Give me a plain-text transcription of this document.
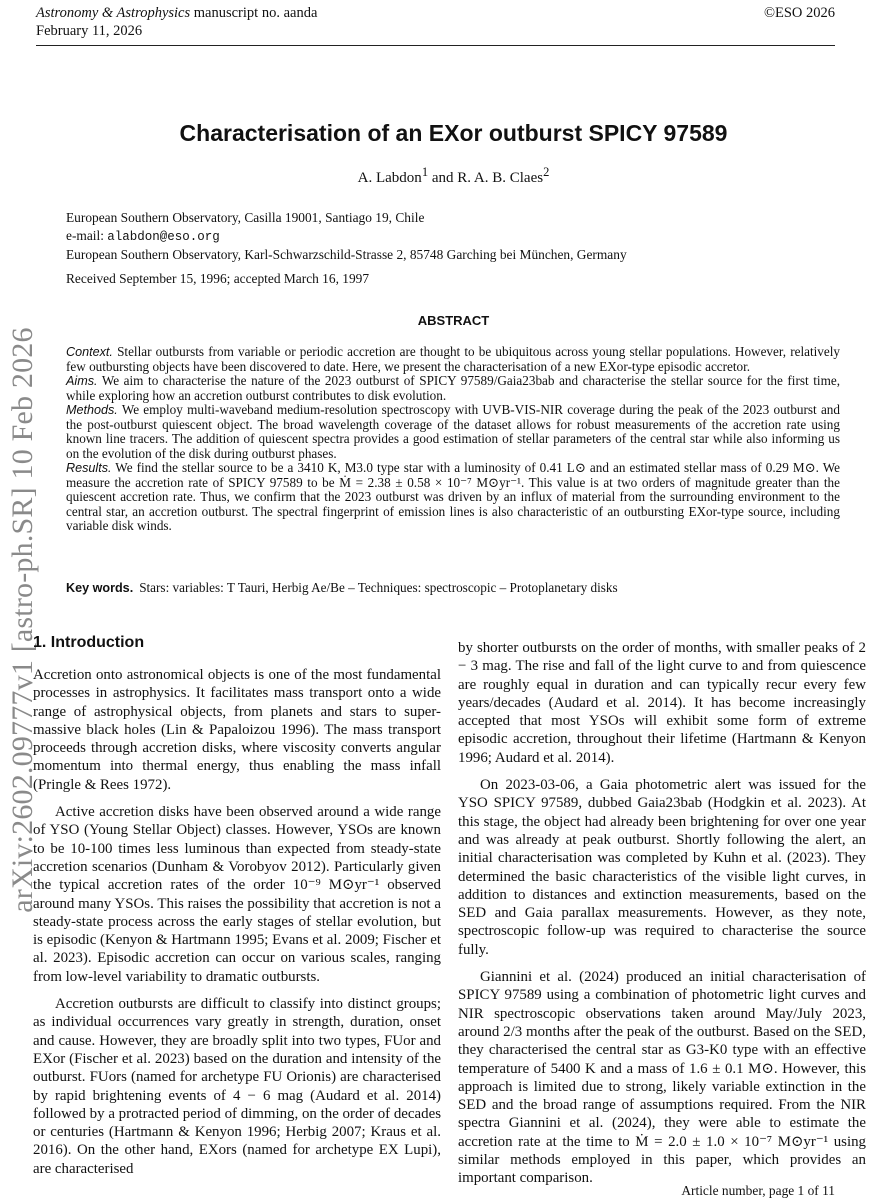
Astronomy & Astrophysics manuscript no. aanda
February 11, 2026
©ESO 2026
arXiv:2602.09777v1 [astro-ph.SR] 10 Feb 2026
Characterisation of an EXor outburst SPICY 97589
A. Labdon$^1$ and R. A. B. Claes$^2$
European Southern Observatory, Casilla 19001, Santiago 19, Chile
e-mail: alabdon@eso.org
European Southern Observatory, Karl-Schwarzschild-Strasse 2, 85748 Garching bei München, Germany
Received September 15, 1996; accepted March 16, 1997
ABSTRACT

Context. Stellar outbursts from variable or periodic accretion are thought to be ubiquitous across young stellar populations. However, relatively few outbursting objects have been discovered to date. Here, we present the characterisation of a new EXor-type episodic accretor.

Aims. We aim to characterise the nature of the 2023 outburst of SPICY 97589/Gaia23bab and characterise the stellar source for the first time, while exploring how an accretion outburst contributes to disk evolution.

Methods. We employ multi-waveband medium-resolution spectroscopy with UVB-VIS-NIR coverage during the peak of the 2023 outburst and the post-outburst quiescent object. The broad wavelength coverage of the dataset allows for robust measurements of the accretion rate using known line tracers. The addition of quiescent spectra provides a good estimation of stellar parameters of the central star while also informing us on the evolution of the disk during outburst phases.

Results. We find the stellar source to be a 3410 K, M3.0 type star with a luminosity of 0.41 L⊙ and an estimated stellar mass of 0.29 M⊙. We measure the accretion rate of SPICY 97589 to be Ṁ = 2.38 ± 0.58 × 10⁻⁷ M⊙yr⁻¹. This value is at two orders of magnitude greater than the quiescent accretion rate. Thus, we confirm that the 2023 outburst was driven by an influx of material from the surrounding environment to the central star, an accretion outburst. The spectral fingerprint of emission lines is also characteristic of an outbursting EXor-type source, including variable disk winds.

Key words. Stars: variables: T Tauri, Herbig Ae/Be – Techniques: spectroscopic – Protoplanetary disks
1. Introduction

Accretion onto astronomical objects is one of the most fundamental processes in astrophysics. It facilitates mass transport onto a wide range of astrophysical objects, from planets and stars to super-massive black holes (Lin & Papaloizou 1996). The mass transport proceeds through accretion disks, where viscosity converts angular momentum into thermal energy, thus enabling the mass infall (Pringle & Rees 1972).

Active accretion disks have been observed around a wide range of YSO (Young Stellar Object) classes. However, YSOs are known to be 10-100 times less luminous than expected from steady-state accretion scenarios (Dunham & Vorobyov 2012). Particularly given the typical accretion rates of the order 10⁻⁹ M⊙yr⁻¹ observed around many YSOs. This raises the possibility that accretion is not a steady-state process across the early stages of stellar evolution, but is episodic (Kenyon & Hartmann 1995; Evans et al. 2009; Fischer et al. 2023). Episodic accretion can occur on various scales, ranging from low-level variability to dramatic outbursts.

Accretion outbursts are difficult to classify into distinct groups; as individual occurrences vary greatly in strength, duration, onset and cause. However, they are broadly split into two types, FUor and EXor (Fischer et al. 2023) based on the duration and intensity of the outburst. FUors (named for archetype FU Orionis) are characterised by rapid brightening events of 4 − 6 mag (Audard et al. 2014) followed by a protracted period of dimming, on the order of decades or centuries (Hartmann & Kenyon 1996; Herbig 2007; Kraus et al. 2016). On the other hand, EXors (named for archetype EX Lupi), are characterised

by shorter outbursts on the order of months, with smaller peaks of 2 − 3 mag. The rise and fall of the light curve to and from quiescence are roughly equal in duration and can typically recur every few years/decades (Audard et al. 2014). It has become increasingly accepted that most YSOs will exhibit some form of extreme episodic accretion, throughout their lifetime (Hartmann & Kenyon 1996; Audard et al. 2014).

On 2023-03-06, a Gaia photometric alert was issued for the YSO SPICY 97589, dubbed Gaia23bab (Hodgkin et al. 2023). At this stage, the object had already been brightening for over one year and was already at peak outburst. Shortly following the alert, an initial characterisation was completed by Kuhn et al. (2023). They determined the basic characteristics of the visible light curves, in addition to distances and extinction measurements, based on the SED and Gaia parallax measurements. However, as they note, spectroscopic follow-up was required to characterise the source fully.

Giannini et al. (2024) produced an initial characterisation of SPICY 97589 using a combination of photometric light curves and NIR spectroscopic observations taken around May/July 2023, around 2/3 months after the peak of the outburst. Based on the SED, they characterised the central star as G3-K0 type with an effective temperature of 5400 K and a mass of 1.6 ± 0.1 M⊙. However, this approach is limited due to strong, likely variable extinction in the SED and the broad range of assumptions required. From the NIR spectra Giannini et al. (2024), they were able to estimate the accretion rate at the time to Ṁ = 2.0 ± 1.0 × 10⁻⁷ M⊙yr⁻¹ using similar methods employed in this paper, which provides an important comparison.

Article number, page 1 of 11
